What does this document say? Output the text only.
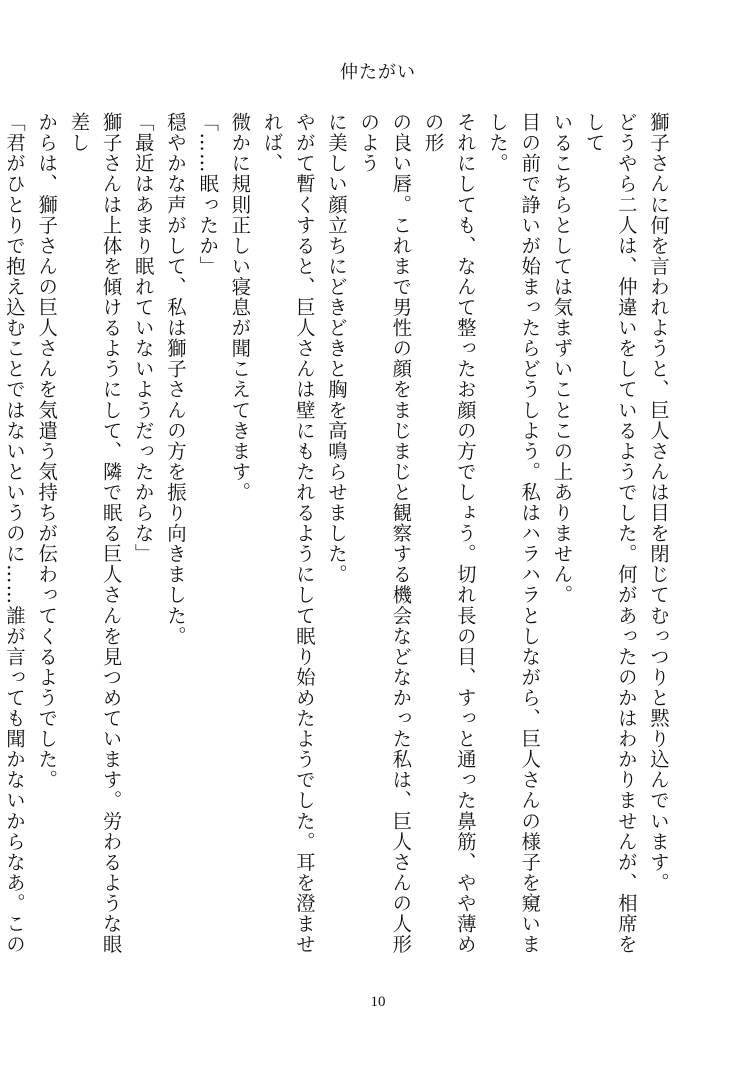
仲たがい

獅子さんに何を言われようと、巨人さんは目を閉じてむっつりと黙り込んでいます。

どうやら二人は、仲違いをしているようでした。何があったのかはわかりませんが、相席をして

いるこちらとしては気まずいことこの上ありません。

目の前で諍いが始まったらどうしよう。私はハラハラとしながら、巨人さんの様子を窺いました。

それにしても、なんて整ったお顔の方でしょう。切れ長の目、すっと通った鼻筋、やや薄めの形

の良い唇。これまで男性の顔をまじまじと観察する機会などなかった私は、巨人さんの人形のよう

に美しい顔立ちにどきどきと胸を高鳴らせました。

やがて暫くすると、巨人さんは壁にもたれるようにして眠り始めたようでした。耳を澄ませれば、

微かに規則正しい寝息が聞こえてきます。

「……眠ったか」

穏やかな声がして、私は獅子さんの方を振り向きました。

「最近はあまり眠れていないようだったからな」

獅子さんは上体を傾けるようにして、隣で眠る巨人さんを見つめています。労わるような眼差し

からは、獅子さんの巨人さんを気遣う気持ちが伝わってくるようでした。

「君がひとりで抱え込むことではないというのに……誰が言っても聞かないからなあ。この

10
